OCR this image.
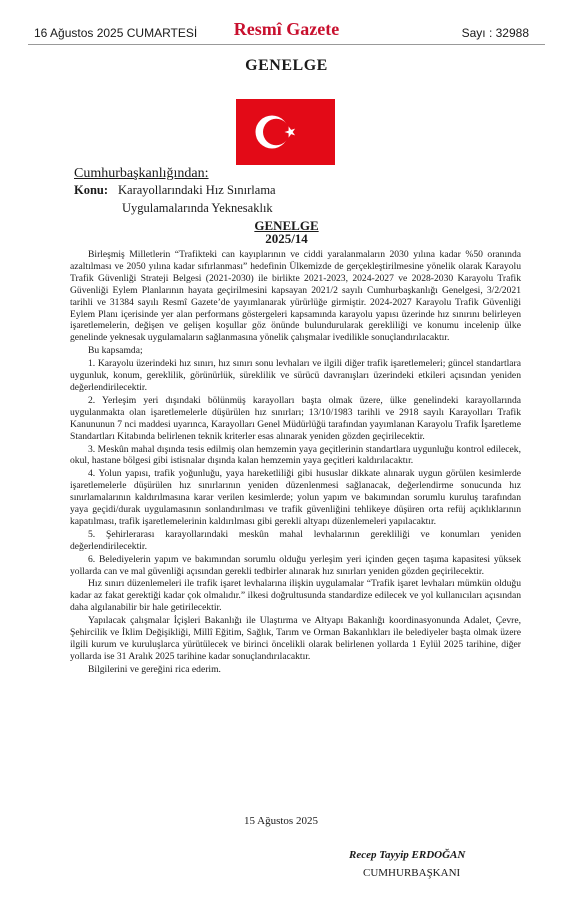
16 Ağustos 2025 CUMARTESİ	Resmî Gazete	Sayı : 32988
GENELGE
Cumhurbaşkanlığından:
Konu: Karayollarındaki Hız Sınırlama
Uygulamalarında Yeknesaklık
GENELGE
2025/14

Birleşmiş Milletlerin “Trafikteki can kayıplarının ve ciddi yaralanmaların 2030 yılına kadar %50 oranında azaltılması ve 2050 yılına kadar sıfırlanması” hedefinin Ülkemizde de gerçekleştirilmesine yönelik olarak Karayolu Trafik Güvenliği Strateji Belgesi (2021-2030) ile birlikte 2021-2023, 2024-2027 ve 2028-2030 Karayolu Trafik Güvenliği Eylem Planlarının hayata geçirilmesini kapsayan 2021/2 sayılı Cumhurbaşkanlığı Genelgesi, 3/2/2021 tarihli ve 31384 sayılı Resmî Gazete’de yayımlanarak yürürlüğe girmiştir. 2024-2027 Karayolu Trafik Güvenliği Eylem Planı içerisinde yer alan performans göstergeleri kapsamında karayolu yapısı üzerinde hız sınırını belirleyen işaretlemelerin, değişen ve gelişen koşullar göz önünde bulundurularak gerekliliği ve konumu incelenip ülke genelinde yeknesak uygulamaların sağlanmasına yönelik çalışmalar ivedilikle sonuçlandırılacaktır.

Bu kapsamda;

1. Karayolu üzerindeki hız sınırı, hız sınırı sonu levhaları ve ilgili diğer trafik işaretlemeleri; güncel standartlara uygunluk, konum, gereklilik, görünürlük, süreklilik ve sürücü davranışları üzerindeki etkileri açısından yeniden değerlendirilecektir.

2. Yerleşim yeri dışındaki bölünmüş karayolları başta olmak üzere, ülke genelindeki karayollarında uygulanmakta olan işaretlemelerle düşürülen hız sınırları; 13/10/1983 tarihli ve 2918 sayılı Karayolları Trafik Kanununun 7 nci maddesi uyarınca, Karayolları Genel Müdürlüğü tarafından yayımlanan Karayolu Trafik İşaretleme Standartları Kitabında belirlenen teknik kriterler esas alınarak yeniden gözden geçirilecektir.

3. Meskûn mahal dışında tesis edilmiş olan hemzemin yaya geçitlerinin standartlara uygunluğu kontrol edilecek, okul, hastane bölgesi gibi istisnalar dışında kalan hemzemin yaya geçitleri kaldırılacaktır.

4. Yolun yapısı, trafik yoğunluğu, yaya hareketliliği gibi hususlar dikkate alınarak uygun görülen kesimlerde işaretlemelerle düşürülen hız sınırlarının yeniden düzenlenmesi sağlanacak, değerlendirme sonucunda hız sınırlamalarının kaldırılmasına karar verilen kesimlerde; yolun yapım ve bakımından sorumlu kuruluş tarafından yaya geçidi/durak uygulamasının sonlandırılması ve trafik güvenliğini tehlikeye düşüren orta refüj açıklıklarının kapatılması, trafik işaretlemelerinin kaldırılması gibi gerekli altyapı düzenlemeleri yapılacaktır.

5. Şehirlerarası karayollarındaki meskûn mahal levhalarının gerekliliği ve konumları yeniden değerlendirilecektir.

6. Belediyelerin yapım ve bakımından sorumlu olduğu yerleşim yeri içinden geçen taşıma kapasitesi yüksek yollarda can ve mal güvenliği açısından gerekli tedbirler alınarak hız sınırları yeniden gözden geçirilecektir.

Hız sınırı düzenlemeleri ile trafik işaret levhalarına ilişkin uygulamalar “Trafik işaret levhaları mümkün olduğu kadar az fakat gerektiği kadar çok olmalıdır.” ilkesi doğrultusunda standardize edilecek ve yol kullanıcıları açısından daha algılanabilir bir hale getirilecektir.

Yapılacak çalışmalar İçişleri Bakanlığı ile Ulaştırma ve Altyapı Bakanlığı koordinasyonunda Adalet, Çevre, Şehircilik ve İklim Değişikliği, Millî Eğitim, Sağlık, Tarım ve Orman Bakanlıkları ile belediyeler başta olmak üzere ilgili kurum ve kuruluşlarca yürütülecek ve birinci öncelikli olarak belirlenen yollarda 1 Eylül 2025 tarihine, diğer yollarda ise 31 Aralık 2025 tarihine kadar sonuçlandırılacaktır.

Bilgilerini ve gereğini rica ederim.

15 Ağustos 2025
Recep Tayyip ERDOĞAN
CUMHURBAŞKANI
